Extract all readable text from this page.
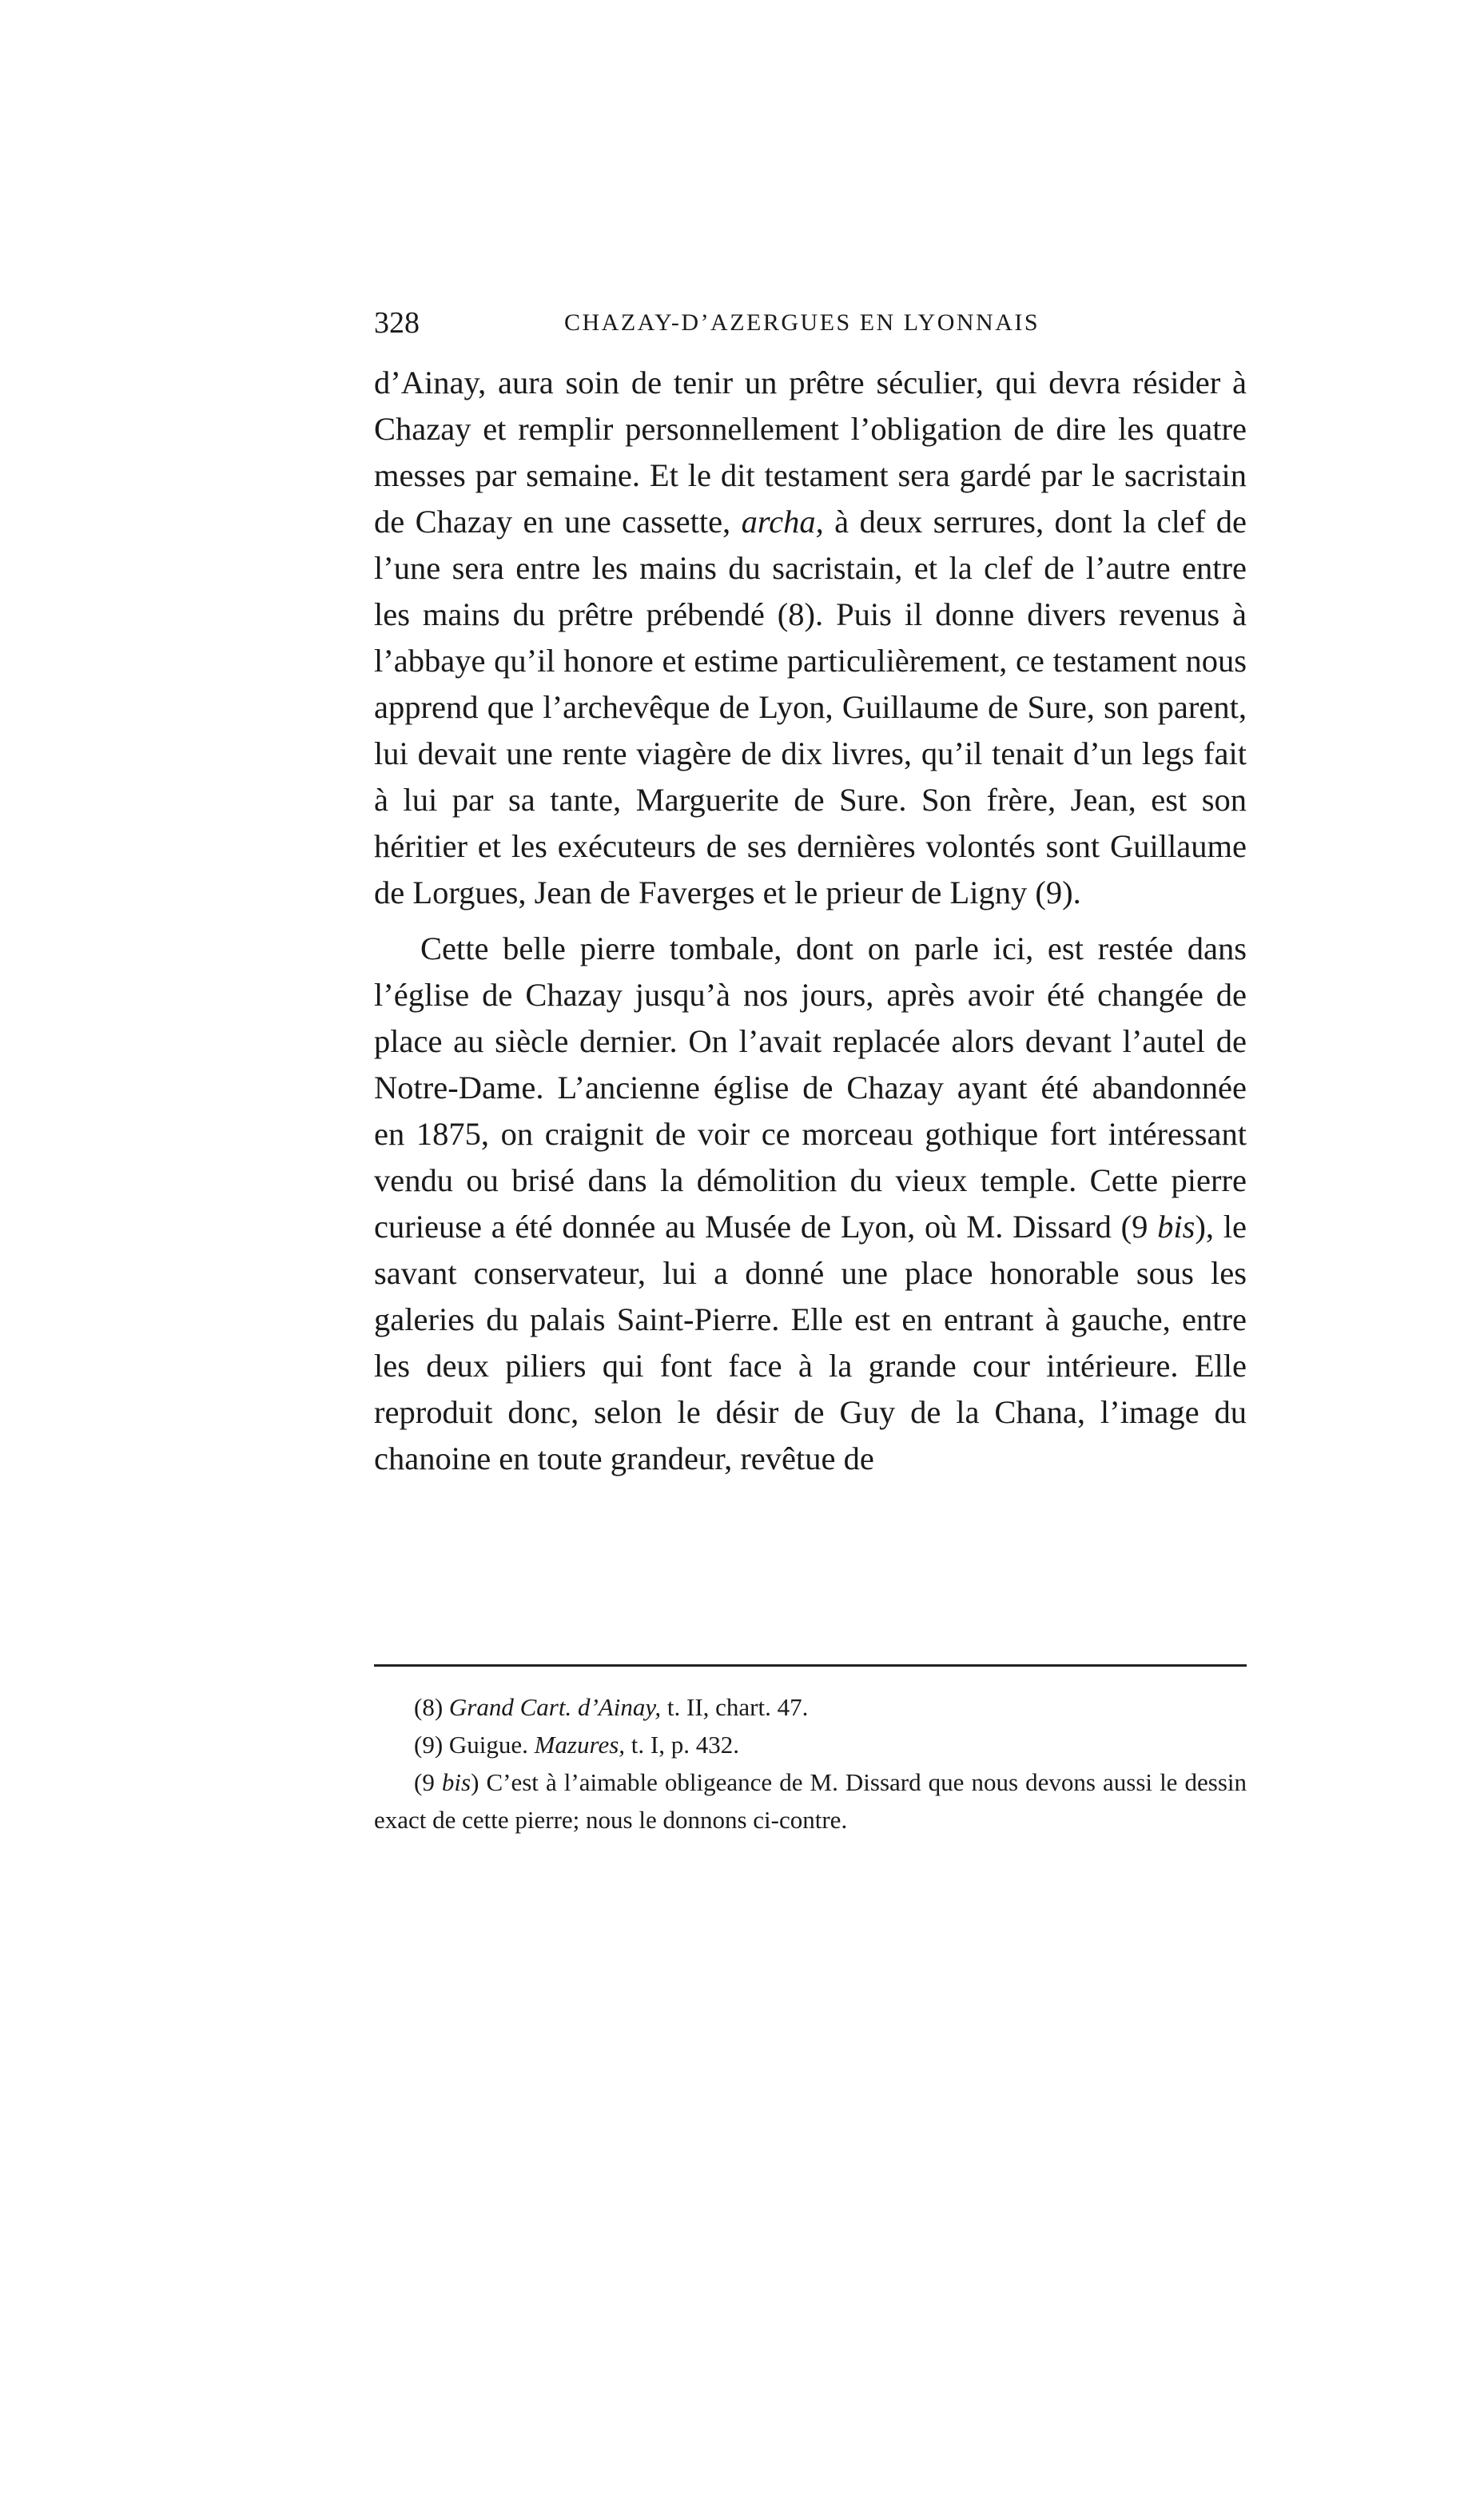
328	CHAZAY-D’AZERGUES EN LYONNAIS

d’Ainay, aura soin de tenir un prêtre séculier, qui devra résider à Chazay et remplir personnellement l’obligation de dire les quatre messes par semaine. Et le dit testament sera gardé par le sacristain de Chazay en une cassette, archa, à deux serrures, dont la clef de l’une sera entre les mains du sacristain, et la clef de l’autre entre les mains du prêtre prébendé (8). Puis il donne divers revenus à l’abbaye qu’il honore et estime particulièrement, ce testament nous apprend que l’archevêque de Lyon, Guillaume de Sure, son parent, lui devait une rente viagère de dix livres, qu’il tenait d’un legs fait à lui par sa tante, Marguerite de Sure. Son frère, Jean, est son héritier et les exécuteurs de ses dernières volontés sont Guillaume de Lorgues, Jean de Faverges et le prieur de Ligny (9).

Cette belle pierre tombale, dont on parle ici, est restée dans l’église de Chazay jusqu’à nos jours, après avoir été changée de place au siècle dernier. On l’avait replacée alors devant l’autel de Notre-Dame. L’ancienne église de Chazay ayant été abandonnée en 1875, on craignit de voir ce morceau gothique fort intéressant vendu ou brisé dans la démolition du vieux temple. Cette pierre curieuse a été donnée au Musée de Lyon, où M. Dissard (9 bis), le savant conservateur, lui a donné une place honorable sous les galeries du palais Saint-Pierre. Elle est en entrant à gauche, entre les deux piliers qui font face à la grande cour intérieure. Elle reproduit donc, selon le désir de Guy de la Chana, l’image du chanoine en toute grandeur, revêtue de

(8) Grand Cart. d’Ainay, t. II, chart. 47.

(9) Guigue. Mazures, t. I, p. 432.

(9 bis) C’est à l’aimable obligeance de M. Dissard que nous devons aussi le dessin exact de cette pierre; nous le donnons ci-contre.
